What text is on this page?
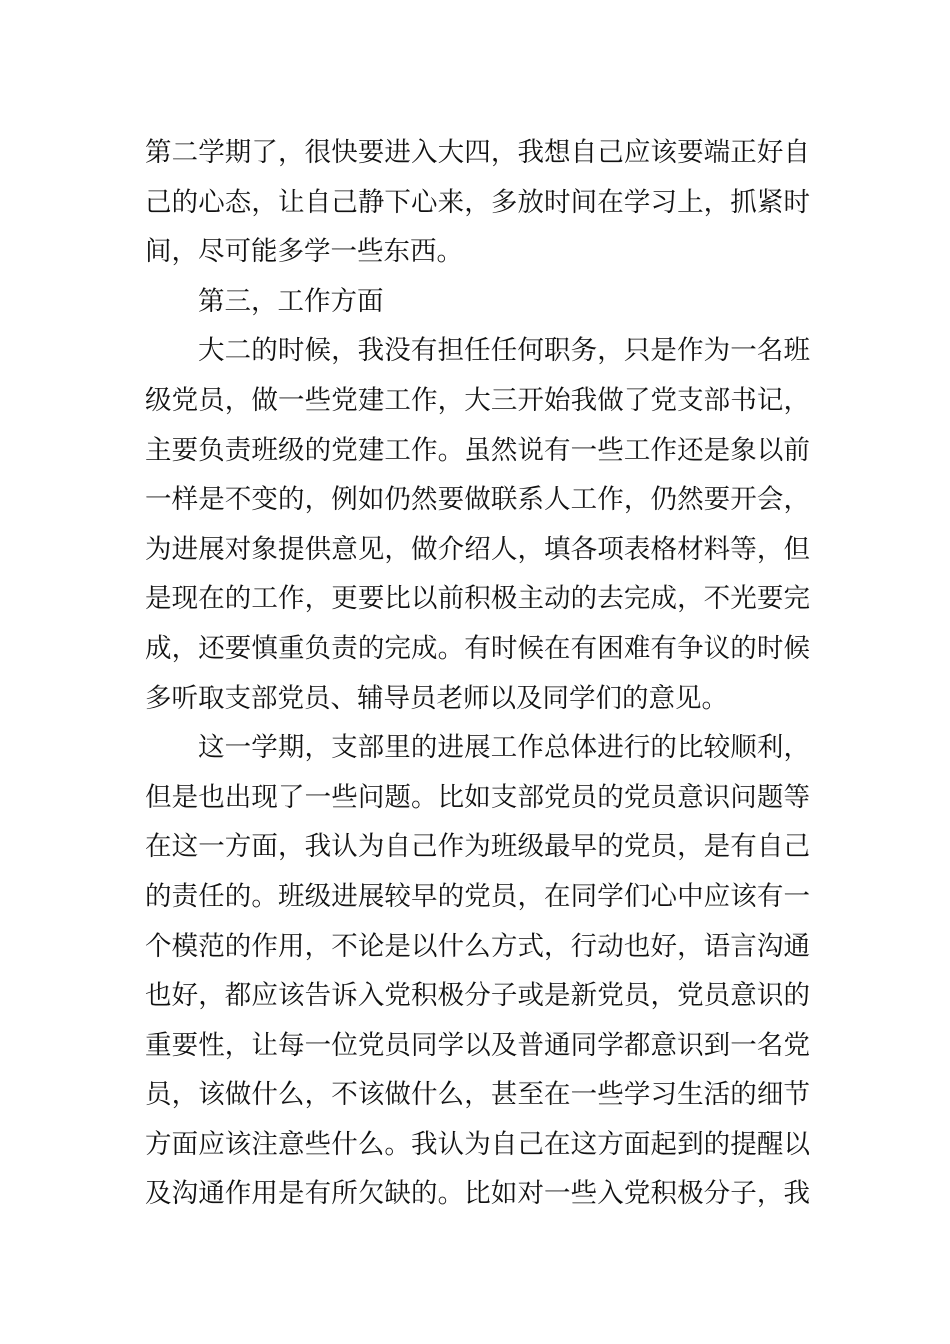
第二学期了，很快要进入大四，我想自己应该要端正好自
己的心态，让自己静下心来，多放时间在学习上，抓紧时
间，尽可能多学一些东西。
第三，工作方面
大二的时候，我没有担任任何职务，只是作为一名班
级党员，做一些党建工作，大三开始我做了党支部书记，
主要负责班级的党建工作。虽然说有一些工作还是象以前
一样是不变的，例如仍然要做联系人工作，仍然要开会，
为进展对象提供意见，做介绍人，填各项表格材料等，但
是现在的工作，更要比以前积极主动的去完成，不光要完
成，还要慎重负责的完成。有时候在有困难有争议的时候
多听取支部党员、辅导员老师以及同学们的意见。
这一学期，支部里的进展工作总体进行的比较顺利，
但是也出现了一些问题。比如支部党员的党员意识问题等
在这一方面，我认为自己作为班级最早的党员，是有自己
的责任的。班级进展较早的党员，在同学们心中应该有一
个模范的作用，不论是以什么方式，行动也好，语言沟通
也好，都应该告诉入党积极分子或是新党员，党员意识的
重要性，让每一位党员同学以及普通同学都意识到一名党
员，该做什么，不该做什么，甚至在一些学习生活的细节
方面应该注意些什么。我认为自己在这方面起到的提醒以
及沟通作用是有所欠缺的。比如对一些入党积极分子，我
